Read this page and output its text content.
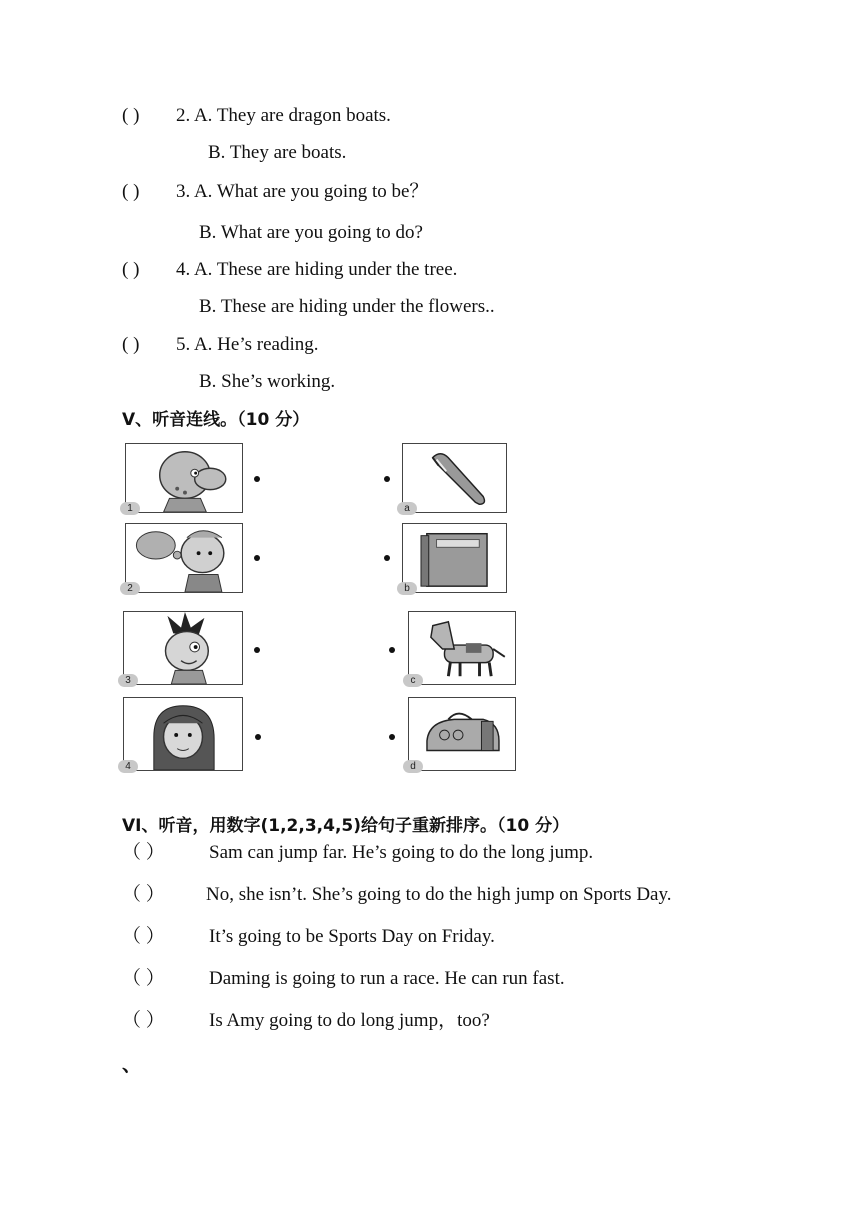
( ) 2. A. They are dragon boats.
B. They are boats.
( ) 3. A. What are you going to be？
B. What are you going to do?
( ) 4. A. These are hiding under the tree.
B. These are hiding under the flowers..
( ) 5. A. He’s reading.
B. She’s working.
V、听音连线。（10 分）
1
2
3
4
a
b
c
d
VI、听音，用数字(1,2,3,4,5)给句子重新排序。（10 分）
（ ） Sam can jump far. He’s going to do the long jump.
（ ） No, she isn’t. She’s going to do the high jump on Sports Day.
（ ） It’s going to be Sports Day on Friday.
（ ） Daming is going to run a race. He can run fast.
（ ） Is Amy going to do long jump，too?
、
